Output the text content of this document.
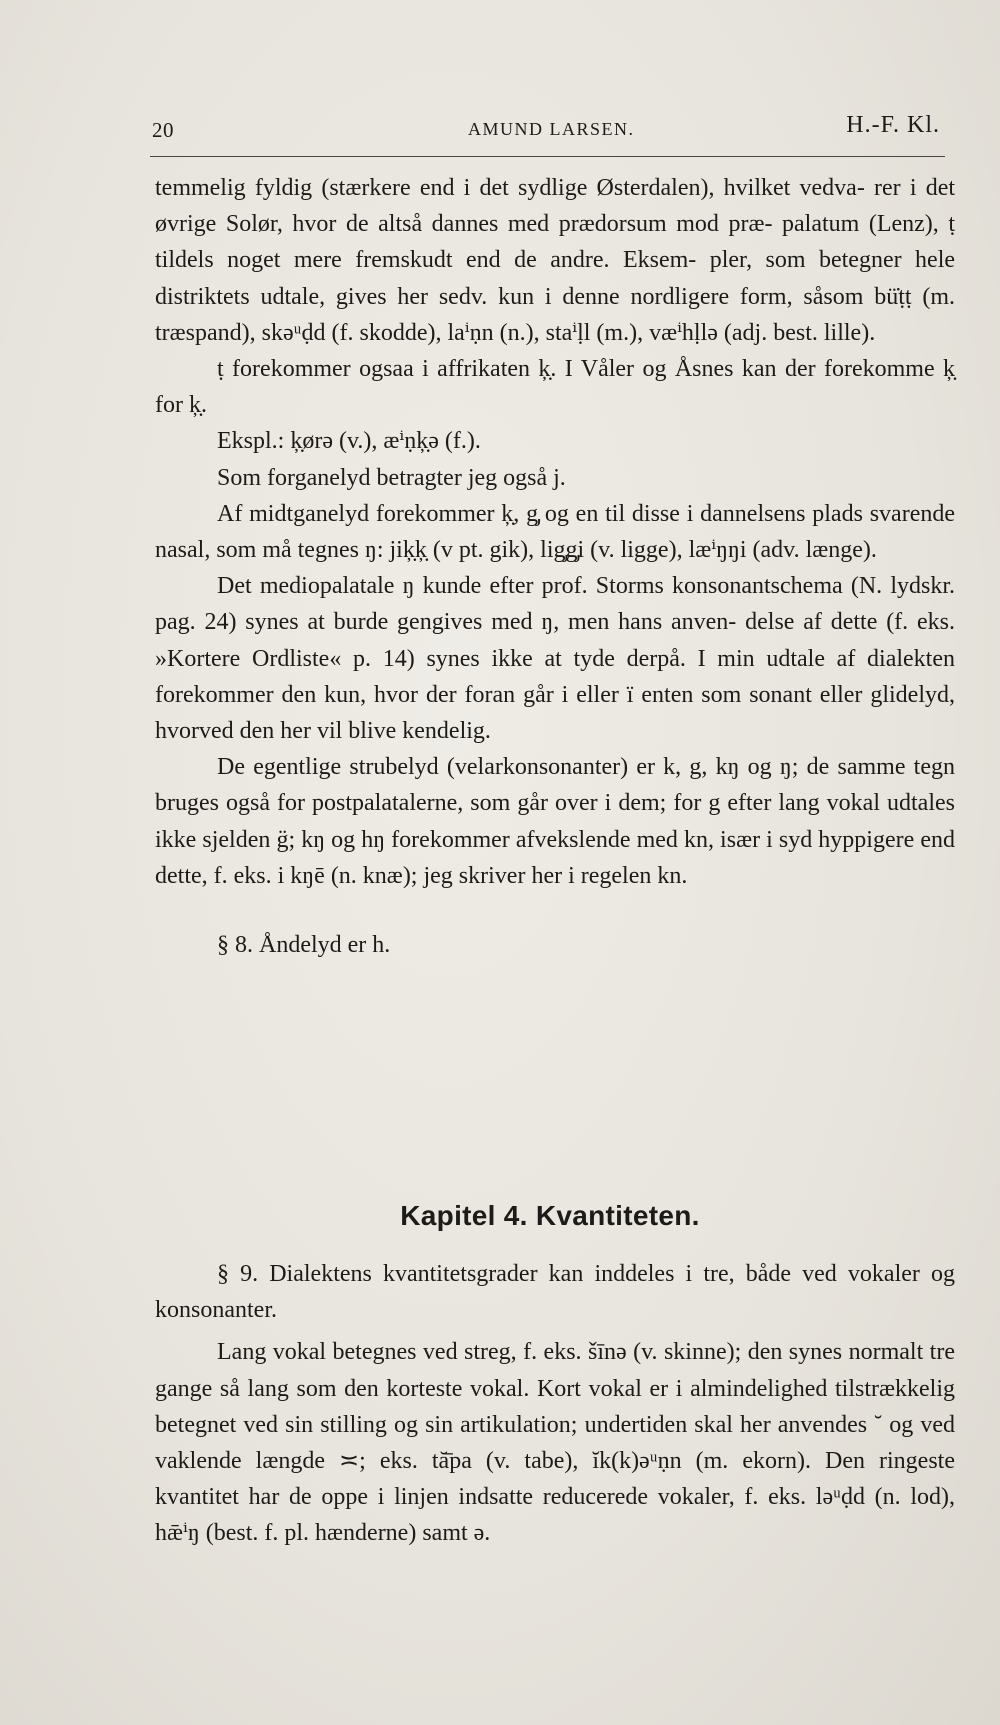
20	AMUND LARSEN.	H.-F. Kl.

temmelig fyldig (stærkere end i det sydlige Østerdalen), hvilket vedva- rer i det øvrige Solør, hvor de altså dannes med prædorsum mod præ- palatum (Lenz), ṭ tildels noget mere fremskudt end de andre. Eksem- pler, som betegner hele distriktets udtale, gives her sedv. kun i denne nordligere form, såsom bü̇ṭṭ (m. træspand), skəᵘḍd (f. skodde), laⁱṇn (n.), staⁱḷl (m.), væⁱhḷlə (adj. best. lille).

ṭ forekommer ogsaa i affrikaten ķ̣. I Våler og Åsnes kan der forekomme ķ̣ for ķ̣.

Ekspl.: ķ̣ørə (v.), æⁱṇķ̣ə (f.).

Som forganelyd betragter jeg også j.

Af midtganelyd forekommer ķ̣, g̡ og en til disse i dannelsens plads svarende nasal, som må tegnes ŋ: jiķ̣ķ̣ (v pt. gik), lig̡g̡i (v. ligge), læⁱŋŋi (adv. længe).

Det mediopalatale ŋ kunde efter prof. Storms konsonantschema (N. lydskr. pag. 24) synes at burde gengives med ŋ, men hans anven- delse af dette (f. eks. »Kortere Ordliste« p. 14) synes ikke at tyde derpå. I min udtale af dialekten forekommer den kun, hvor der foran går i eller ï enten som sonant eller glidelyd, hvorved den her vil blive kendelig.

De egentlige strubelyd (velarkonsonanter) er k, g, kŋ og ŋ; de samme tegn bruges også for postpalatalerne, som går over i dem; for g efter lang vokal udtales ikke sjelden g̈; kŋ og hŋ forekommer afvekslende med kn, især i syd hyppigere end dette, f. eks. i kŋē (n. knæ); jeg skriver her i regelen kn.

§ 8. Åndelyd er h.

Kapitel 4. Kvantiteten.

§ 9. Dialektens kvantitetsgrader kan inddeles i tre, både ved vokaler og konsonanter.

Lang vokal betegnes ved streg, f. eks. šīnə (v. skinne); den synes normalt tre gange så lang som den korteste vokal. Kort vokal er i almindelighed tilstrækkelig betegnet ved sin stilling og sin artikulation; undertiden skal her anvendes ˘ og ved vaklende længde ≍; eks. tă̄pa (v. tabe), ĭk(k)əᵘṇn (m. ekorn). Den ringeste kvantitet har de oppe i linjen indsatte reducerede vokaler, f. eks. ləᵘḍd (n. lod), hǣⁱŋ (best. f. pl. hænderne) samt ə.
